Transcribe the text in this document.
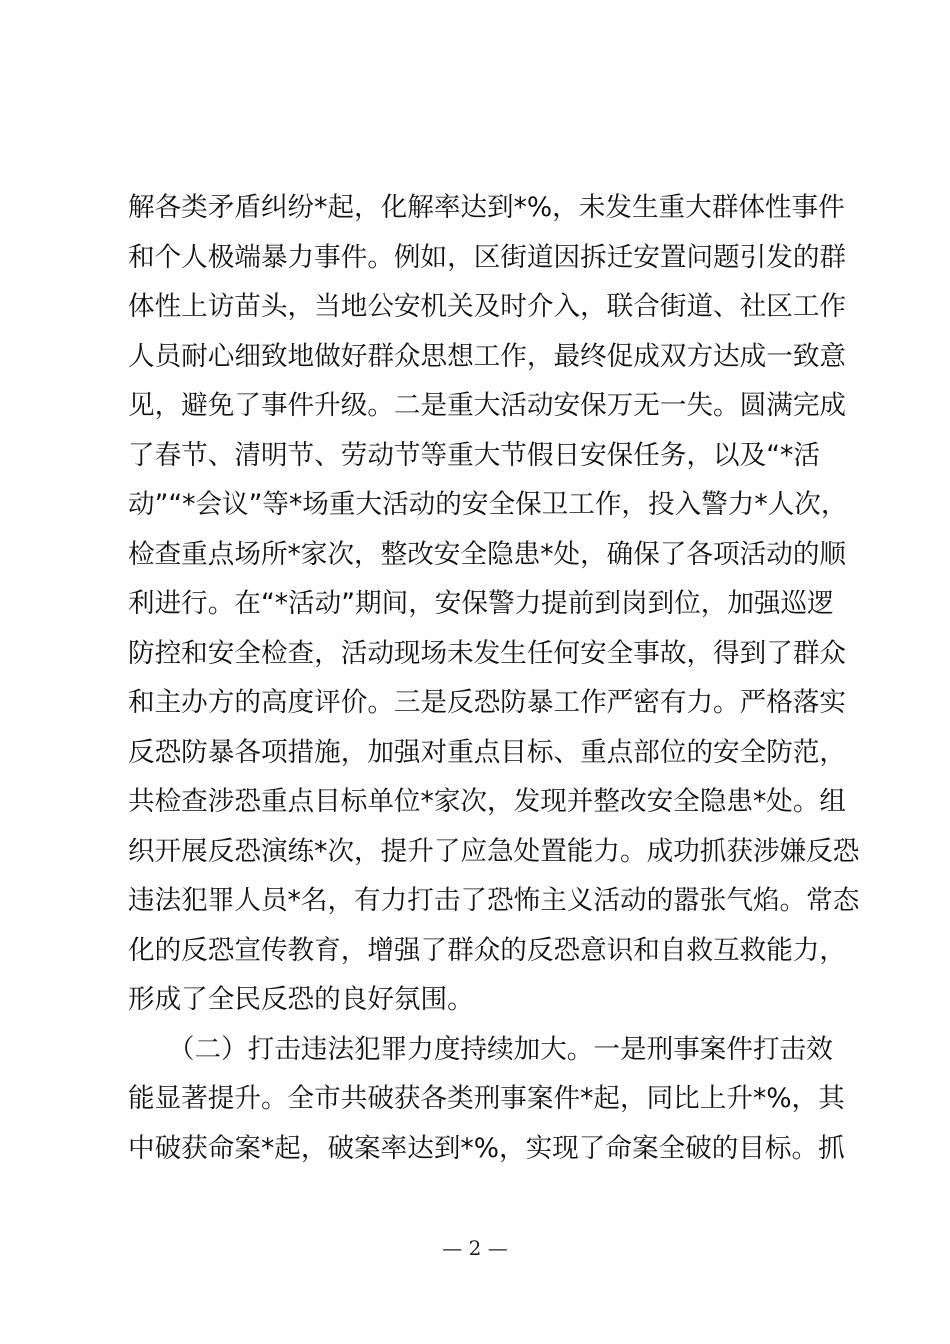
解各类矛盾纠纷*起，化解率达到*%，未发生重大群体性事件
和个人极端暴力事件。例如，区街道因拆迁安置问题引发的群
体性上访苗头，当地公安机关及时介入，联合街道、社区工作
人员耐心细致地做好群众思想工作，最终促成双方达成一致意
见，避免了事件升级。二是重大活动安保万无一失。圆满完成
了春节、清明节、劳动节等重大节假日安保任务，以及“*活
动”“*会议”等*场重大活动的安全保卫工作，投入警力*人次，
检查重点场所*家次，整改安全隐患*处，确保了各项活动的顺
利进行。在“*活动”期间，安保警力提前到岗到位，加强巡逻
防控和安全检查，活动现场未发生任何安全事故，得到了群众
和主办方的高度评价。三是反恐防暴工作严密有力。严格落实
反恐防暴各项措施，加强对重点目标、重点部位的安全防范，
共检查涉恐重点目标单位*家次，发现并整改安全隐患*处。组
织开展反恐演练*次，提升了应急处置能力。成功抓获涉嫌反恐
违法犯罪人员*名，有力打击了恐怖主义活动的嚣张气焰。常态
化的反恐宣传教育，增强了群众的反恐意识和自救互救能力，
形成了全民反恐的良好氛围。
　　（二）打击违法犯罪力度持续加大。一是刑事案件打击效
能显著提升。全市共破获各类刑事案件*起，同比上升*%，其
中破获命案*起，破案率达到*%，实现了命案全破的目标。抓
— 2 —
